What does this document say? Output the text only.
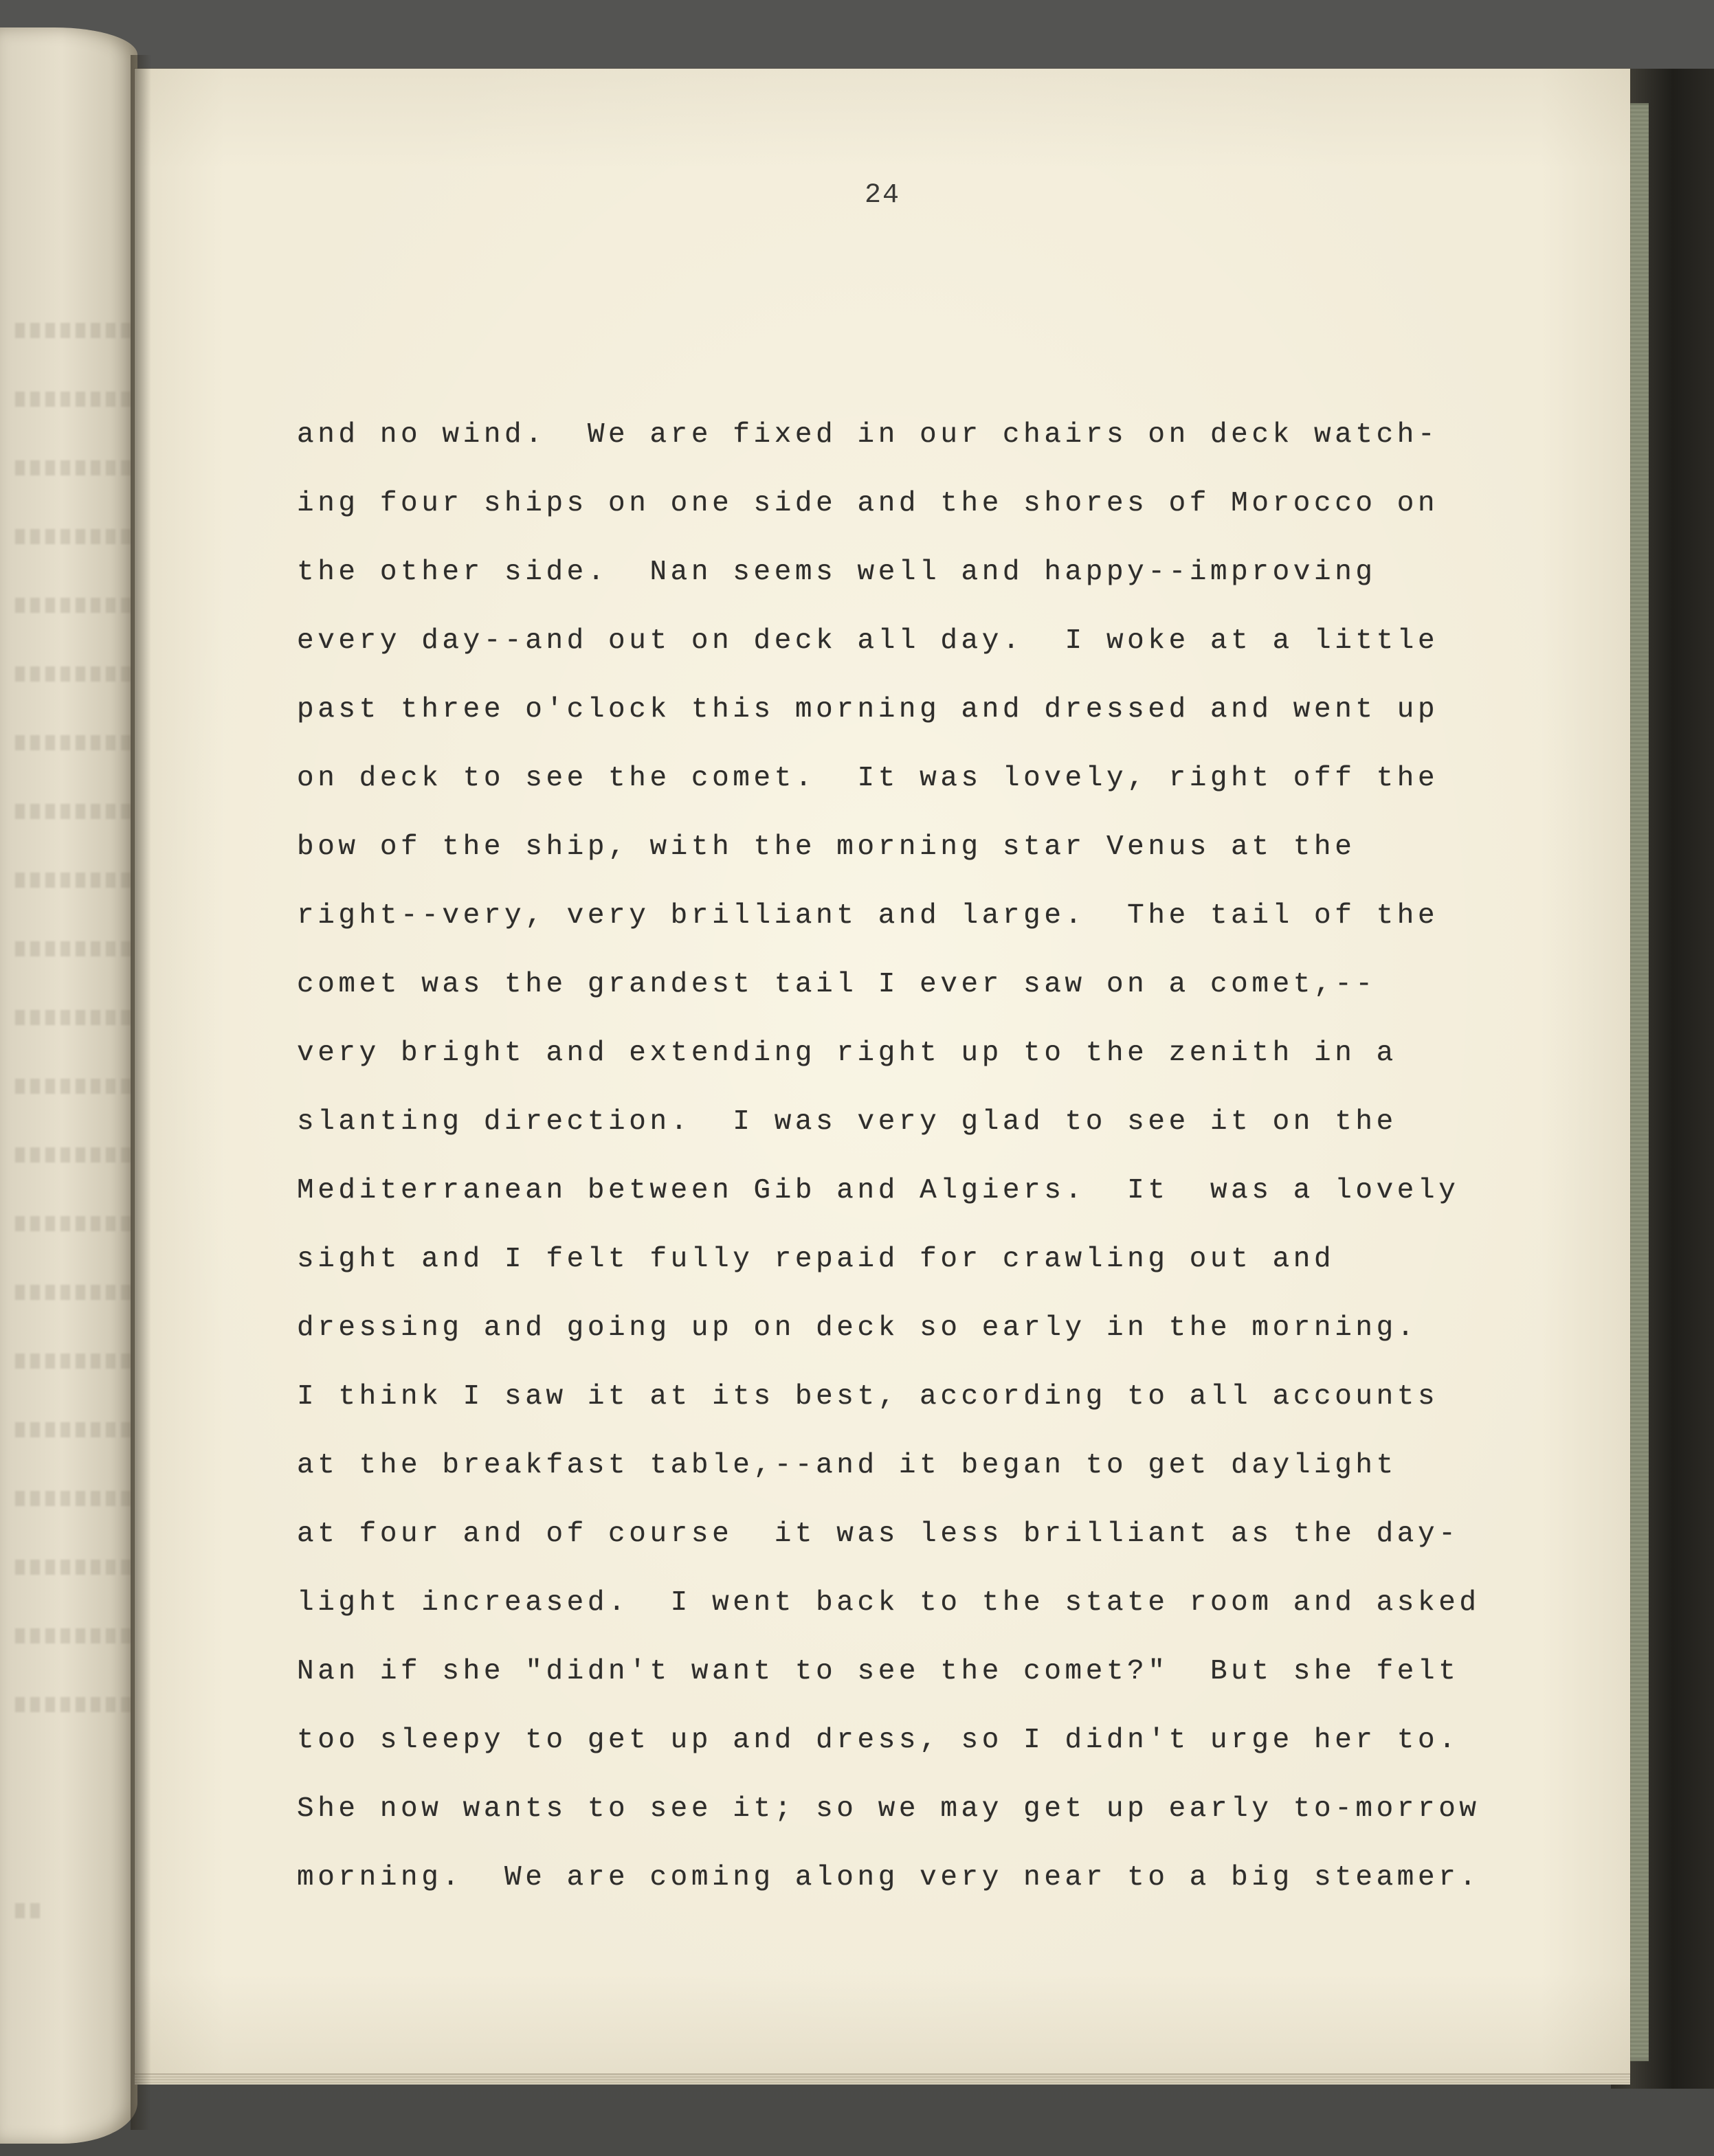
24
and no wind.  We are fixed in our chairs on deck watch-
ing four ships on one side and the shores of Morocco on
the other side.  Nan seems well and happy--improving
every day--and out on deck all day.  I woke at a little
past three o'clock this morning and dressed and went up
on deck to see the comet.  It was lovely, right off the
bow of the ship, with the morning star Venus at the
right--very, very brilliant and large.  The tail of the
comet was the grandest tail I ever saw on a comet,--
very bright and extending right up to the zenith in a
slanting direction.  I was very glad to see it on the
Mediterranean between Gib and Algiers.  It  was a lovely
sight and I felt fully repaid for crawling out and
dressing and going up on deck so early in the morning.
I think I saw it at its best, according to all accounts
at the breakfast table,--and it began to get daylight
at four and of course  it was less brilliant as the day-
light increased.  I went back to the state room and asked
Nan if she "didn't want to see the comet?"  But she felt
too sleepy to get up and dress, so I didn't urge her to.
She now wants to see it; so we may get up early to-morrow
morning.  We are coming along very near to a big steamer.
